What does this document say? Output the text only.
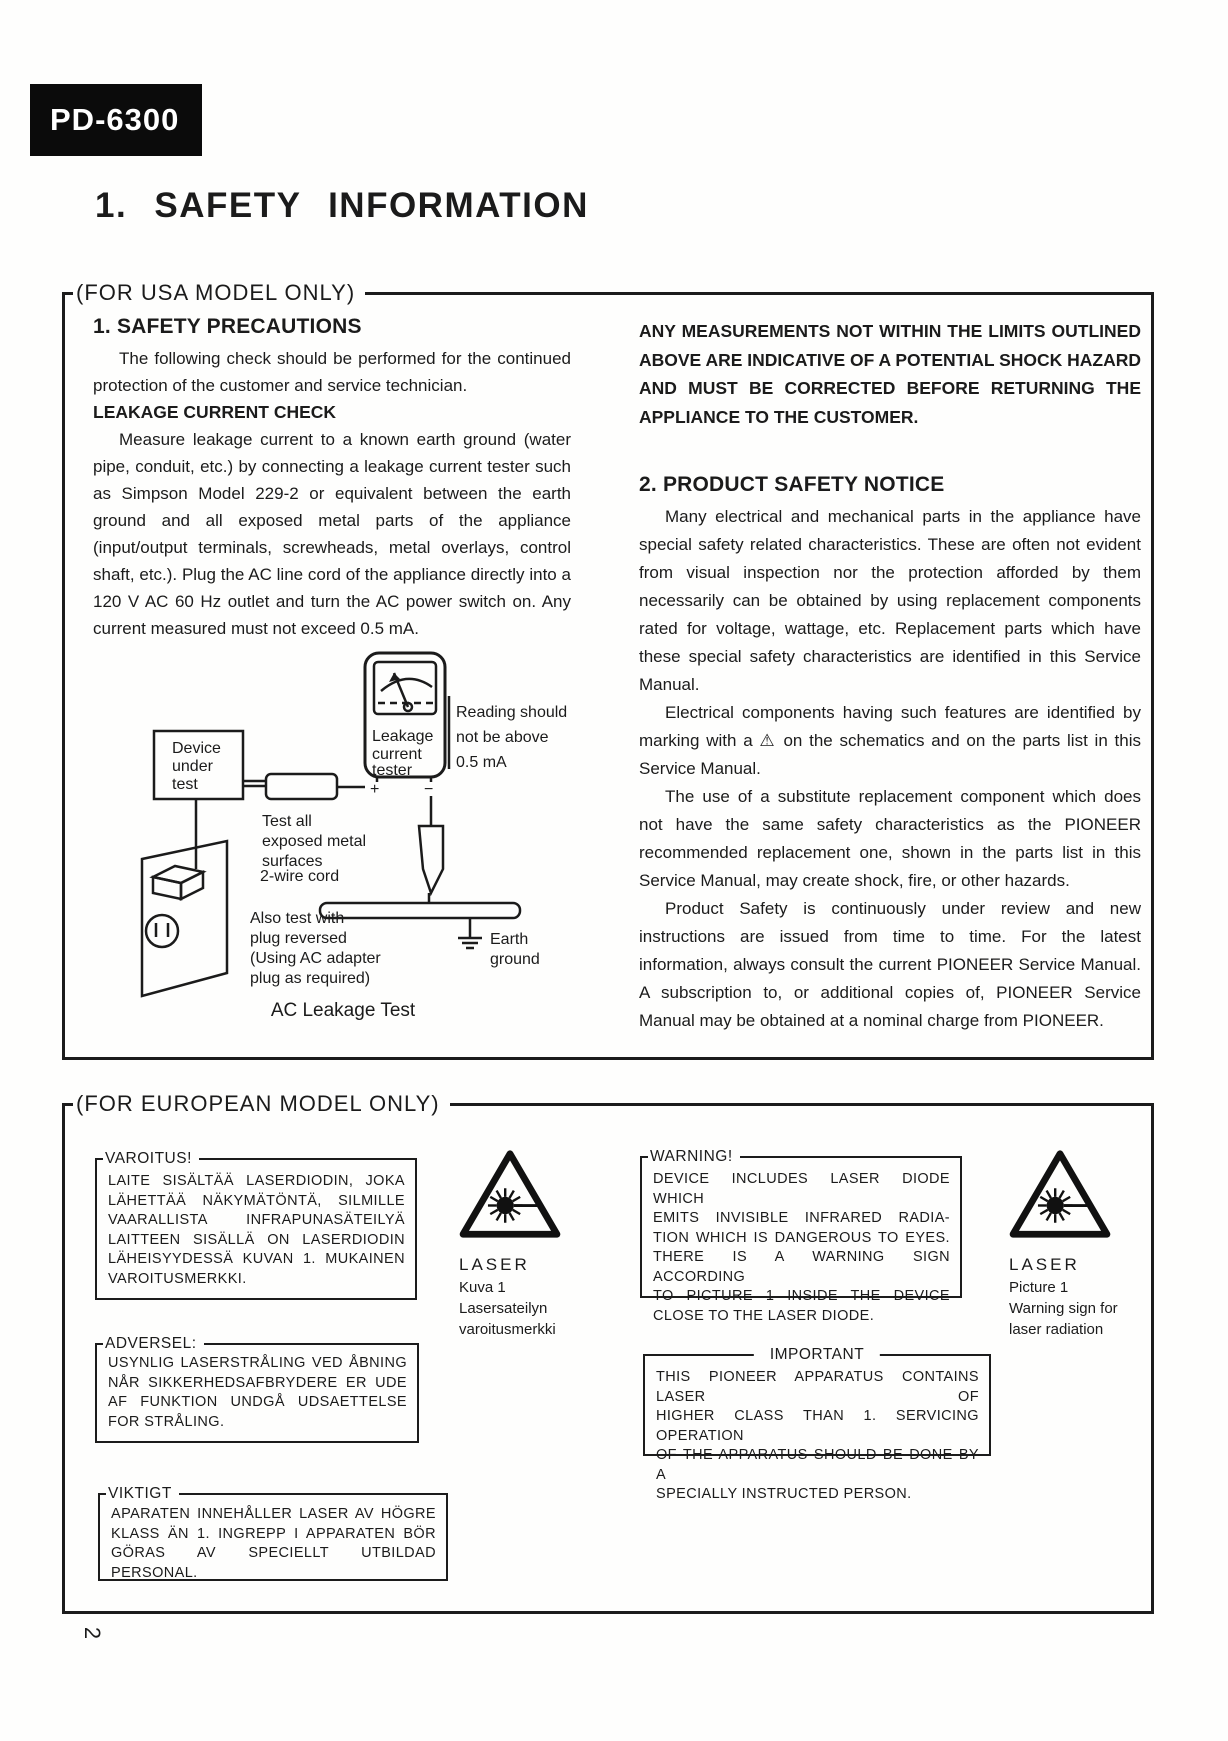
PD-6300
1. SAFETY INFORMATION
(FOR USA MODEL ONLY)
1. SAFETY PRECAUTIONS

The following check should be performed for the continued protection of the customer and service technician.

LEAKAGE CURRENT CHECK

Measure leakage current to a known earth ground (water pipe, conduit, etc.) by connecting a leakage current tester such as Simpson Model 229-2 or equivalent between the earth ground and all exposed metal parts of the appliance (input/output terminals, screwheads, metal overlays, control shaft, etc.). Plug the AC line cord of the appliance directly into a 120 V AC 60 Hz outlet and turn the AC power switch on. Any current measured must not exceed 0.5 mA.

Leakage
current
tester
+	−
Reading should
not be above
0.5 mA
Device
under
test
Test all
exposed metal
surfaces
2-wire cord
Also test with
plug reversed
(Using AC adapter
plug as required)
Earth
ground
AC Leakage Test

ANY MEASUREMENTS NOT WITHIN THE LIMITS OUTLINED ABOVE ARE INDICATIVE OF A POTENTIAL SHOCK HAZARD AND MUST BE CORRECTED BEFORE RETURNING THE APPLIANCE TO THE CUSTOMER.

2. PRODUCT SAFETY NOTICE

Many electrical and mechanical parts in the appliance have special safety related characteristics. These are often not evident from visual inspection nor the protection afforded by them necessarily can be obtained by using replacement components rated for voltage, wattage, etc. Replacement parts which have these special safety characteristics are identified in this Service Manual.

Electrical components having such features are identified by marking with a ⚠ on the schematics and on the parts list in this Service Manual.

The use of a substitute replacement component which does not have the same safety characteristics as the PIONEER recommended replacement one, shown in the parts list in this Service Manual, may create shock, fire, or other hazards.

Product Safety is continuously under review and new instructions are issued from time to time. For the latest information, always consult the current PIONEER Service Manual. A subscription to, or additional copies of, PIONEER Service Manual may be obtained at a nominal charge from PIONEER.

(FOR EUROPEAN MODEL ONLY)
VAROITUS!
LAITE SISÄLTÄÄ LASERDIODIN, JOKA
LÄHETTÄÄ NÄKYMÄTÖNTÄ, SILMILLE
VAARALLISTA INFRAPUNASÄTEILYÄ
LAITTEEN SISÄLLÄ ON LASERDIODIN
LÄHEISYYDESSÄ KUVAN 1. MUKAINEN
VAROITUSMERKKI.
LASER
Kuva 1
Lasersateilyn
varoitusmerkki
WARNING!
DEVICE INCLUDES LASER DIODE WHICH
EMITS INVISIBLE INFRARED RADIA-
TION WHICH IS DANGEROUS TO EYES.
THERE IS A WARNING SIGN ACCORDING
TO PICTURE 1 INSIDE THE DEVICE
CLOSE TO THE LASER DIODE.
LASER
Picture 1
Warning sign for
laser radiation
ADVERSEL:
USYNLIG LASERSTRÅLING VED ÅBNING
NÅR SIKKERHEDSAFBRYDERE ER UDE
AF FUNKTION UNDGÅ UDSAETTELSE
FOR STRÅLING.
IMPORTANT
THIS PIONEER APPARATUS CONTAINS LASER OF
HIGHER CLASS THAN 1. SERVICING OPERATION
OF THE APPARATUS SHOULD BE DONE BY A
SPECIALLY INSTRUCTED PERSON.
VIKTIGT
APARATEN INNEHÅLLER LASER AV HÖGRE
KLASS ÄN 1. INGREPP I APPARATEN BÖR
GÖRAS AV SPECIELLT UTBILDAD PERSONAL.
2
